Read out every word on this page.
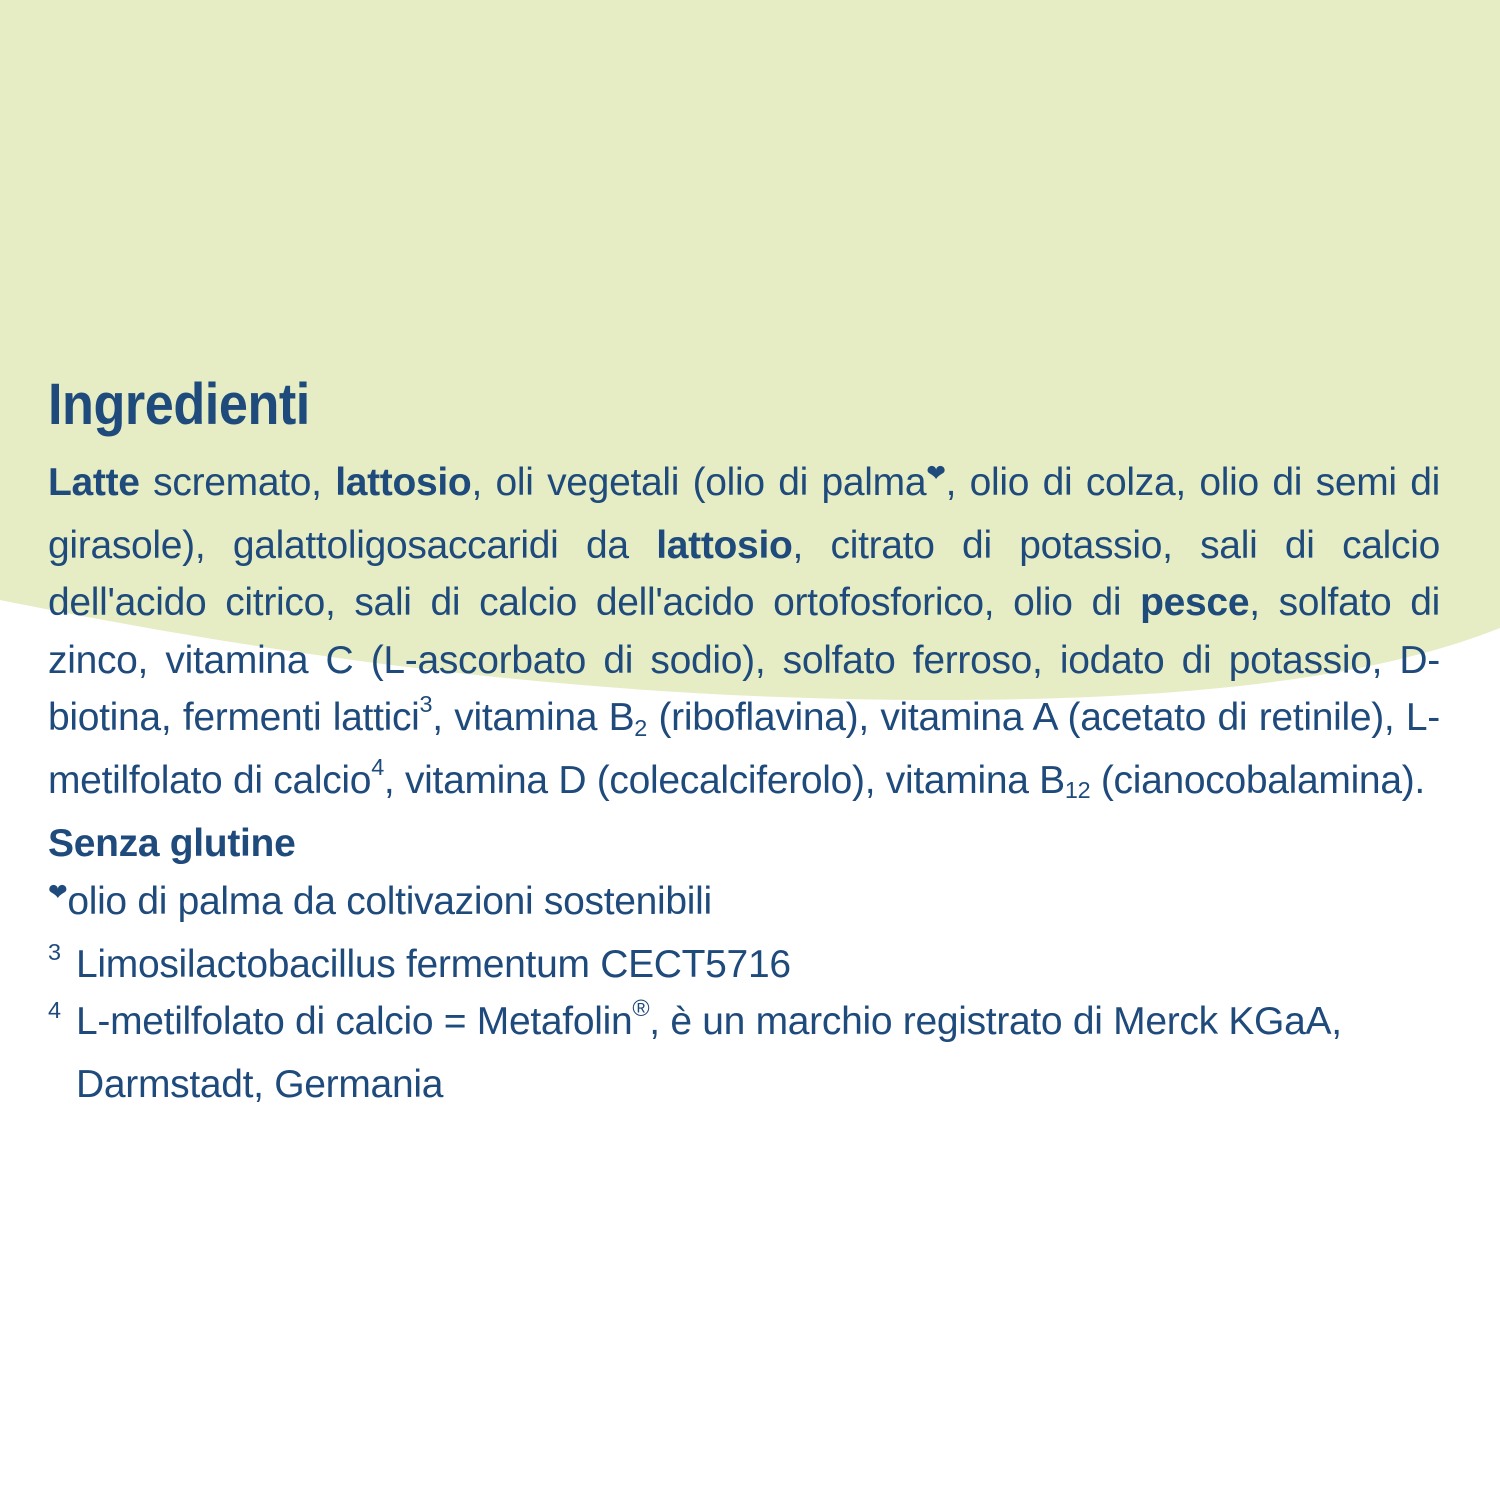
Ingredienti

Latte scremato, lattosio, oli vegetali (olio di palma❤, olio di colza, olio di semi di girasole), galattoligosaccaridi da lattosio, citrato di potassio, sali di calcio dell'acido citrico, sali di calcio dell'acido ortofosforico, olio di pesce, solfato di zinco, vitamina C (L-ascorbato di sodio), solfato ferroso, iodato di potassio, D-biotina, fermenti lattici$^3$, vitamina $B_2$ (riboflavina), vitamina A (acetato di retinile), L-metilfolato di calcio$^4$, vitamina D (colecalciferolo), vitamina $B_{12}$ (cianocobalamina).

Senza glutine

❤olio di palma da coltivazioni sostenibili
$^3$ Limosilactobacillus fermentum CECT5716
$^4$ L-metilfolato di calcio = Metafolin®, è un marchio registrato di Merck KGaA, Darmstadt, Germania
